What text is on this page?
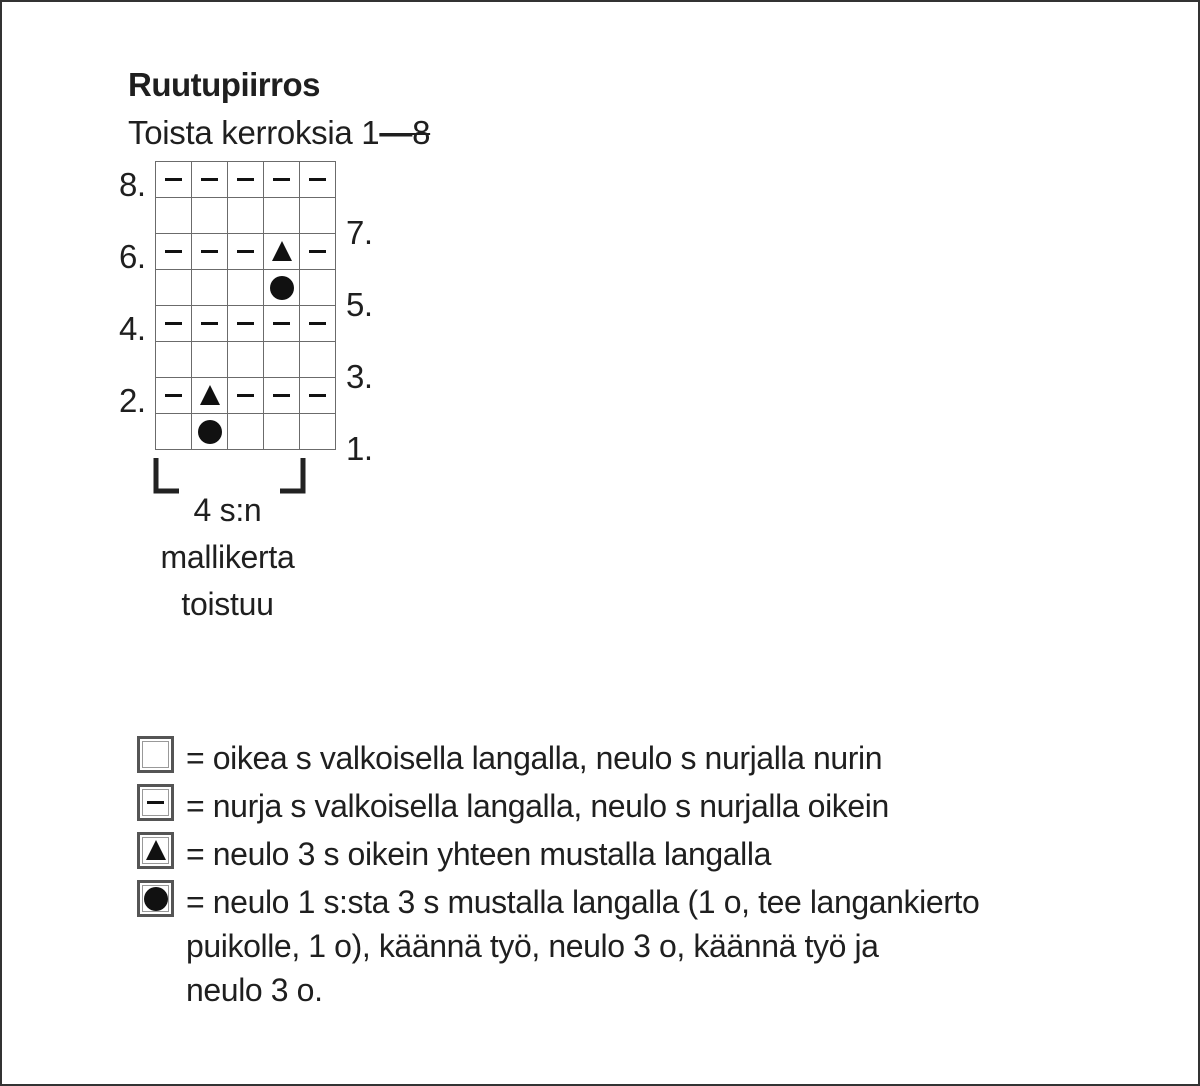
Ruutupiirros
Toista kerroksia 1—8
8.
7.
6.
5.
4.
3.
2.
1.
4 s:n
mallikerta
toistuu
= oikea s valkoisella langalla, neulo s nurjalla nurin
= nurja s valkoisella langalla, neulo s nurjalla oikein
= neulo 3 s oikein yhteen mustalla langalla
= neulo 1 s:sta 3 s mustalla langalla (1 o, tee langankierto
puikolle, 1 o), käännä työ, neulo 3 o, käännä työ ja
neulo 3 o.
